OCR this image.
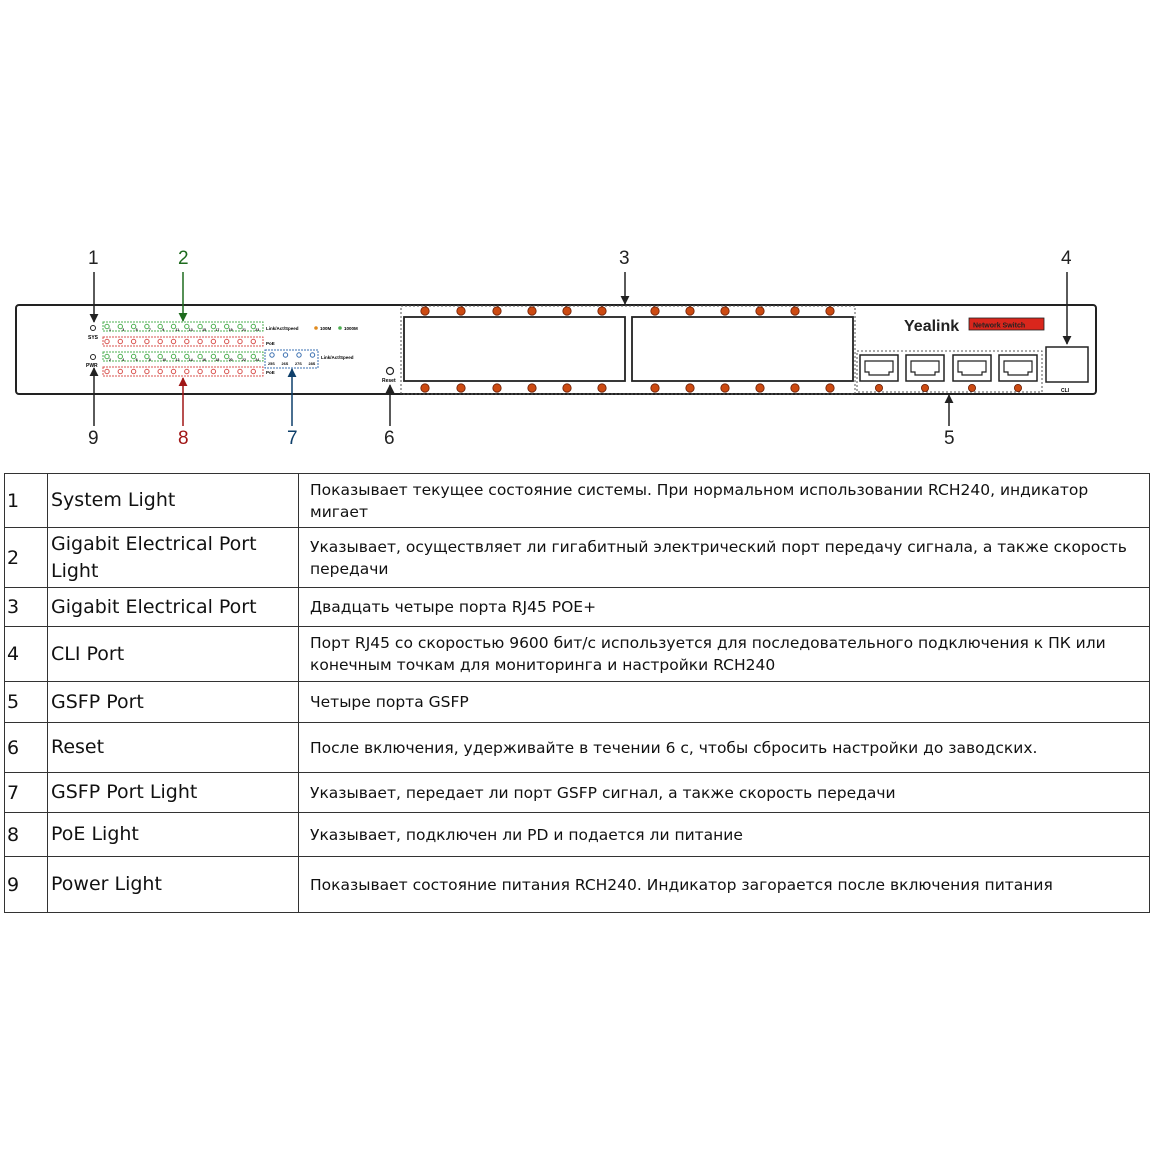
SYS
PWR
1	3	5	7	9	11	13	15	17	19	21	23
2	4	6	8	10	12	14	16	18	20	22	24
Link/Act/Speed	100M	1000M
PoE
PoE
25S 26S 27S 28S
Link/Act/Speed
Reset
Yealink Network Switch
CLI
1	2	3	4
5
6
7
8
9
1	System Light	Показывает текущее состояние системы. При нормальном использовании RCH240, индикатор мигает
2	Gigabit Electrical Port Light	Указывает, осуществляет ли гигабитный электрический порт передачу сигнала, а также скорость передачи
3	Gigabit Electrical Port	Двадцать четыре порта RJ45 POE+
4	CLI Port	Порт RJ45 со скоростью 9600 бит/с используется для последовательного подключения к ПК или конечным точкам для мониторинга и настройки RCH240
5	GSFP Port	Четыре порта GSFP
6	Reset	После включения, удерживайте в течении 6 с, чтобы сбросить настройки до заводских.
7	GSFP Port Light	Указывает, передает ли порт GSFP сигнал, а также скорость передачи
8	PoE Light	Указывает, подключен ли PD и подается ли питание
9	Power Light	Показывает состояние питания RCH240. Индикатор загорается после включения питания
